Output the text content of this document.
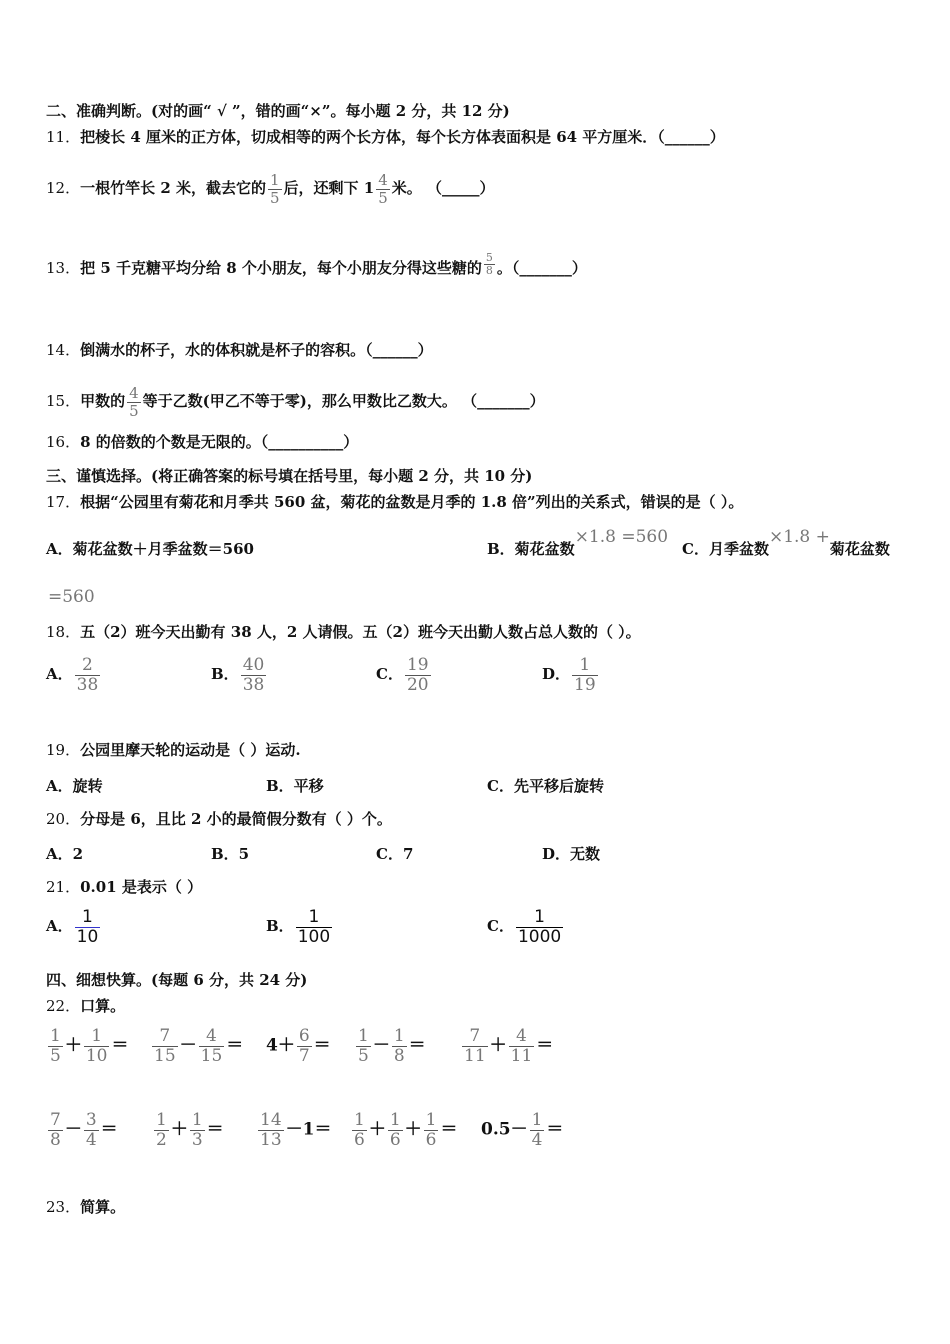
二、准确判断。(对的画“ √ ”，错的画“×”。每小题 2 分，共 12 分)
11．把棱长 4 厘米的正方体，切成相等的两个长方体，每个长方体表面积是 64 平方厘米．（______）
12．一根竹竿长 2 米，截去它的 $\frac{1}{5}$ 后，还剩下 $1 \frac{4}{5}$ 米。 （_____）
13．把 5 千克糖平均分给 8 个小朋友，每个小朋友分得这些糖的 $\frac{5}{8}$ 。（_______）
14．倒满水的杯子，水的体积就是杯子的容积。（______）
15．甲数的 $\frac{4}{5}$ 等于乙数(甲乙不等于零)，那么甲数比乙数大。 （_______）
16．8 的倍数的个数是无限的。（__________）
三、谨慎选择。(将正确答案的标号填在括号里，每小题 2 分，共 10 分)
17．根据“公园里有菊花和月季共 560 盆，菊花的盆数是月季的 1.8 倍”列出的关系式，错误的是（ ）。
A．菊花盆数＋月季盆数＝560	B．菊花盆数×1.8 =560
C．月季盆数×1.8 +菊花盆数
=560
18．五（2）班今天出勤有 38 人，2 人请假。五（2）班今天出勤人数占总人数的（ ）。
A． $\frac{2}{38}$	B． $\frac{40}{38}$	C． $\frac{19}{20}$	D． $\frac{1}{19}$
19．公园里摩天轮的运动是（ ）运动.
A．旋转	B．平移	C．先平移后旋转
20．分母是 6，且比 2 小的最简假分数有（ ）个。
A．2	B．5	C．7	D．无数
21．0.01 是表示（ ）
A． $\frac{1}{10}$	B． $\frac{1}{100}$	C． $\frac{1}{1000}$
四、细想快算。(每题 6 分，共 24 分)
22．口算。
$\frac{1}{5} + \frac{1}{10} = \frac{7}{15} - \frac{4}{15} = 4+ \frac{6}{7} = \frac{1}{5} - \frac{1}{8} = \frac{7}{11} + \frac{4}{11}$ ＝
$\frac{7}{8} - \frac{3}{4} = \frac{1}{2} + \frac{1}{3} = \frac{14}{13} -1= \frac{1}{6} + \frac{1}{6} + \frac{1}{6} = 0.5- \frac{1}{4}$ ＝
23．简算。
